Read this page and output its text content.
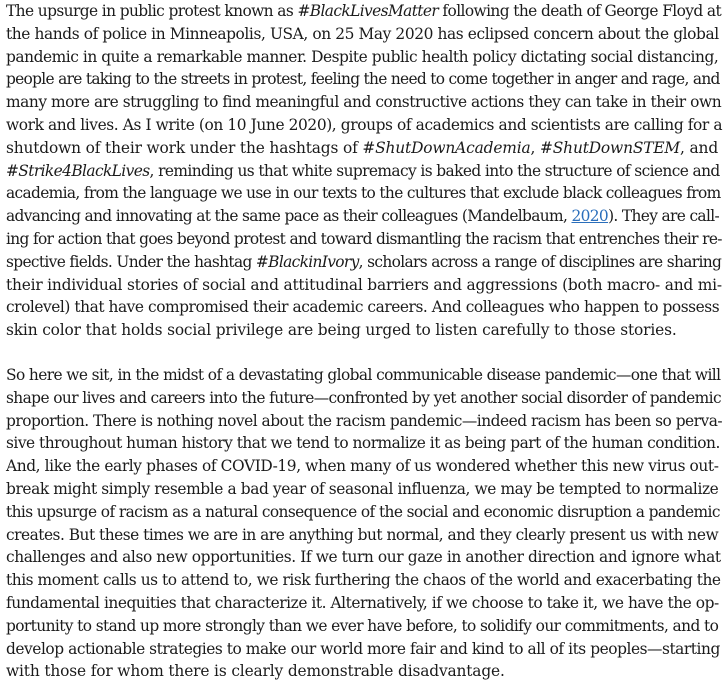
The upsurge in public protest known as #BlackLivesMatter following the death of George Floyd at
the hands of police in Minneapolis, USA, on 25 May 2020 has eclipsed concern about the global
pandemic in quite a remarkable manner. Despite public health policy dictating social distancing,
people are taking to the streets in protest, feeling the need to come together in anger and rage, and
many more are struggling to find meaningful and constructive actions they can take in their own
work and lives. As I write (on 10 June 2020), groups of academics and scientists are calling for a
shutdown of their work under the hashtags of #ShutDownAcademia, #ShutDownSTEM, and
#Strike4BlackLives, reminding us that white supremacy is baked into the structure of science and
academia, from the language we use in our texts to the cultures that exclude black colleagues from
advancing and innovating at the same pace as their colleagues (Mandelbaum, 2020). They are call-
ing for action that goes beyond protest and toward dismantling the racism that entrenches their re-
spective fields. Under the hashtag #BlackinIvory, scholars across a range of disciplines are sharing
their individual stories of social and attitudinal barriers and aggressions (both macro- and mi-
crolevel) that have compromised their academic careers. And colleagues who happen to possess
skin color that holds social privilege are being urged to listen carefully to those stories.

So here we sit, in the midst of a devastating global communicable disease pandemic—one that will
shape our lives and careers into the future—confronted by yet another social disorder of pandemic
proportion. There is nothing novel about the racism pandemic—indeed racism has been so perva-
sive throughout human history that we tend to normalize it as being part of the human condition.
And, like the early phases of COVID-19, when many of us wondered whether this new virus out-
break might simply resemble a bad year of seasonal influenza, we may be tempted to normalize
this upsurge of racism as a natural consequence of the social and economic disruption a pandemic
creates. But these times we are in are anything but normal, and they clearly present us with new
challenges and also new opportunities. If we turn our gaze in another direction and ignore what
this moment calls us to attend to, we risk furthering the chaos of the world and exacerbating the
fundamental inequities that characterize it. Alternatively, if we choose to take it, we have the op-
portunity to stand up more strongly than we ever have before, to solidify our commitments, and to
develop actionable strategies to make our world more fair and kind to all of its peoples—starting
with those for whom there is clearly demonstrable disadvantage.
